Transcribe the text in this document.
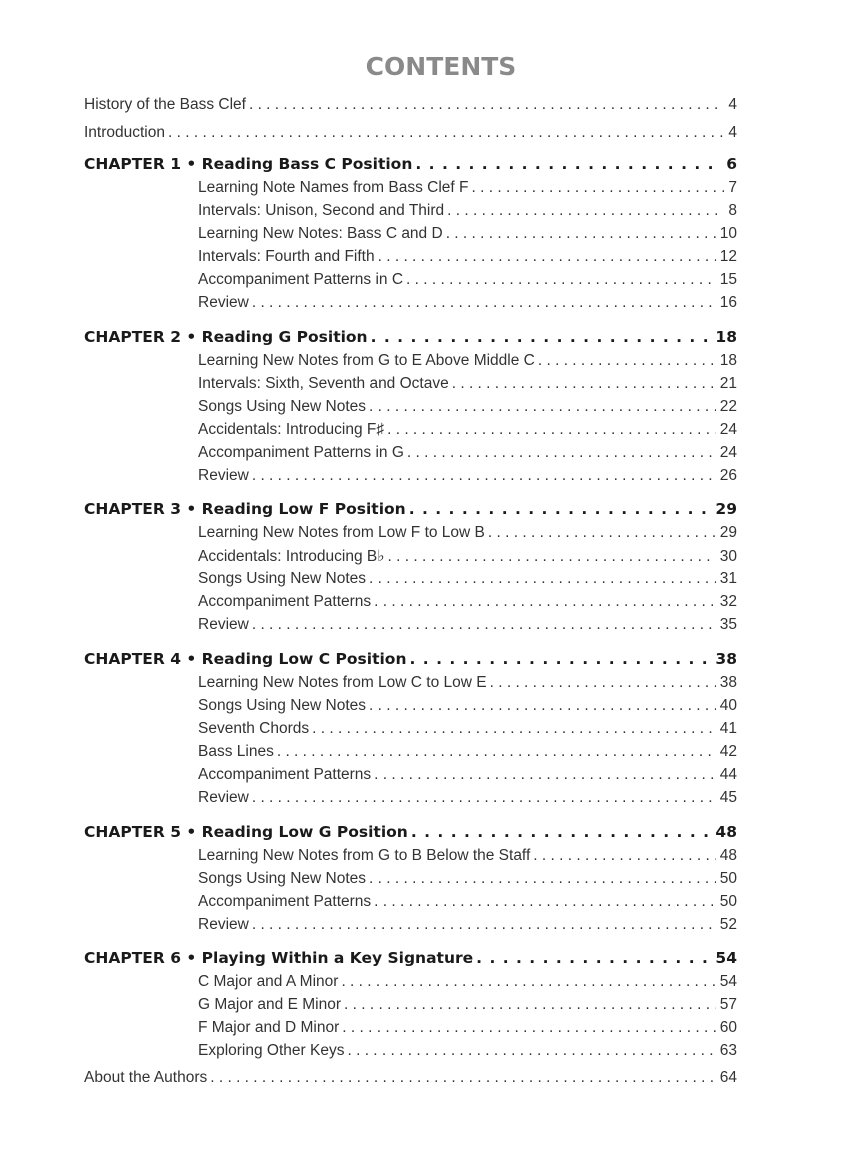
CONTENTS
History of the Bass Clef . . .	4
Introduction . . .	4
CHAPTER 1 • Reading Bass C Position . . .	6
Learning Note Names from Bass Clef F . . .	7
Intervals: Unison, Second and Third . . .	8
Learning New Notes: Bass C and D . . .	10
Intervals: Fourth and Fifth . . .	12
Accompaniment Patterns in C . . .	15
Review . . .	16
CHAPTER 2 • Reading G Position . . .	18
Learning New Notes from G to E Above Middle C . . .	18
Intervals: Sixth, Seventh and Octave . . .	21
Songs Using New Notes . . .	22
Accidentals: Introducing F♯ . . .	24
Accompaniment Patterns in G . . .	24
Review . . .	26
CHAPTER 3 • Reading Low F Position . . .	29
Learning New Notes from Low F to Low B . . .	29
Accidentals: Introducing B♭ . . .	30
Songs Using New Notes . . .	31
Accompaniment Patterns . . .	32
Review . . .	35
CHAPTER 4 • Reading Low C Position . . .	38
Learning New Notes from Low C to Low E . . .	38
Songs Using New Notes . . .	40
Seventh Chords . . .	41
Bass Lines . . .	42
Accompaniment Patterns . . .	44
Review . . .	45
CHAPTER 5 • Reading Low G Position . . .	48
Learning New Notes from G to B Below the Staff . . .	48
Songs Using New Notes . . .	50
Accompaniment Patterns . . .	50
Review . . .	52
CHAPTER 6 • Playing Within a Key Signature . . .	54
C Major and A Minor . . .	54
G Major and E Minor . . .	57
F Major and D Minor . . .	60
Exploring Other Keys . . .	63
About the Authors . . .	64
